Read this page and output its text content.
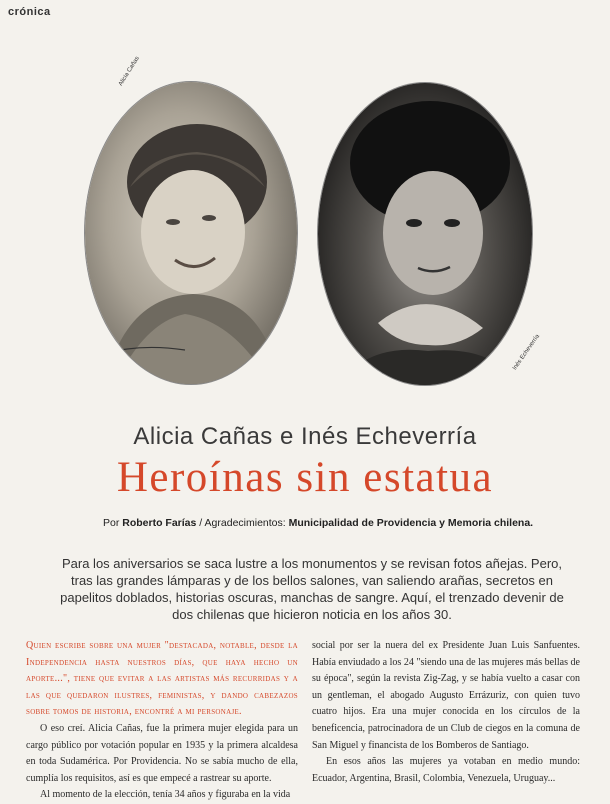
crónica
Alicia Cañas
Inés Echeverría
Alicia Cañas e Inés Echeverría
Heroínas sin estatua
Por Roberto Farías / Agradecimientos: Municipalidad de Providencia y Memoria chilena.
Para los aniversarios se saca lustre a los monumentos y se revisan fotos añejas. Pero, tras las grandes lámparas y de los bellos salones, van saliendo arañas, secretos en papelitos doblados, historias oscuras, manchas de sangre. Aquí, el trenzado devenir de dos chilenas que hicieron noticia en los años 30.

Quien escribe sobre una mujer "destacada, notable, desde la Independencia hasta nuestros días, que haya hecho un aporte...", tiene que evitar a las artistas más recurridas y a las que quedaron ilustres, feministas, y dando cabezazos sobre tomos de historia, encontré a mi personaje.

O eso creí. Alicia Cañas, fue la primera mujer elegida para un cargo público por votación popular en 1935 y la primera alcaldesa en toda Sudamérica. Por Providencia. No se sabía mucho de ella, cumplía los requisitos, así es que empecé a rastrear su aporte.

Al momento de la elección, tenía 34 años y figuraba en la vida

social por ser la nuera del ex Presidente Juan Luis Sanfuentes. Había enviudado a los 24 "siendo una de las mujeres más bellas de su época", según la revista Zig-Zag, y se había vuelto a casar con un gentleman, el abogado Augusto Errázuriz, con quien tuvo cuatro hijos. Era una mujer conocida en los círculos de la beneficencia, patrocinadora de un Club de ciegos en la comuna de San Miguel y financista de los Bomberos de Santiago.

En esos años las mujeres ya votaban en medio mundo: Ecuador, Argentina, Brasil, Colombia, Venezuela, Uruguay...
